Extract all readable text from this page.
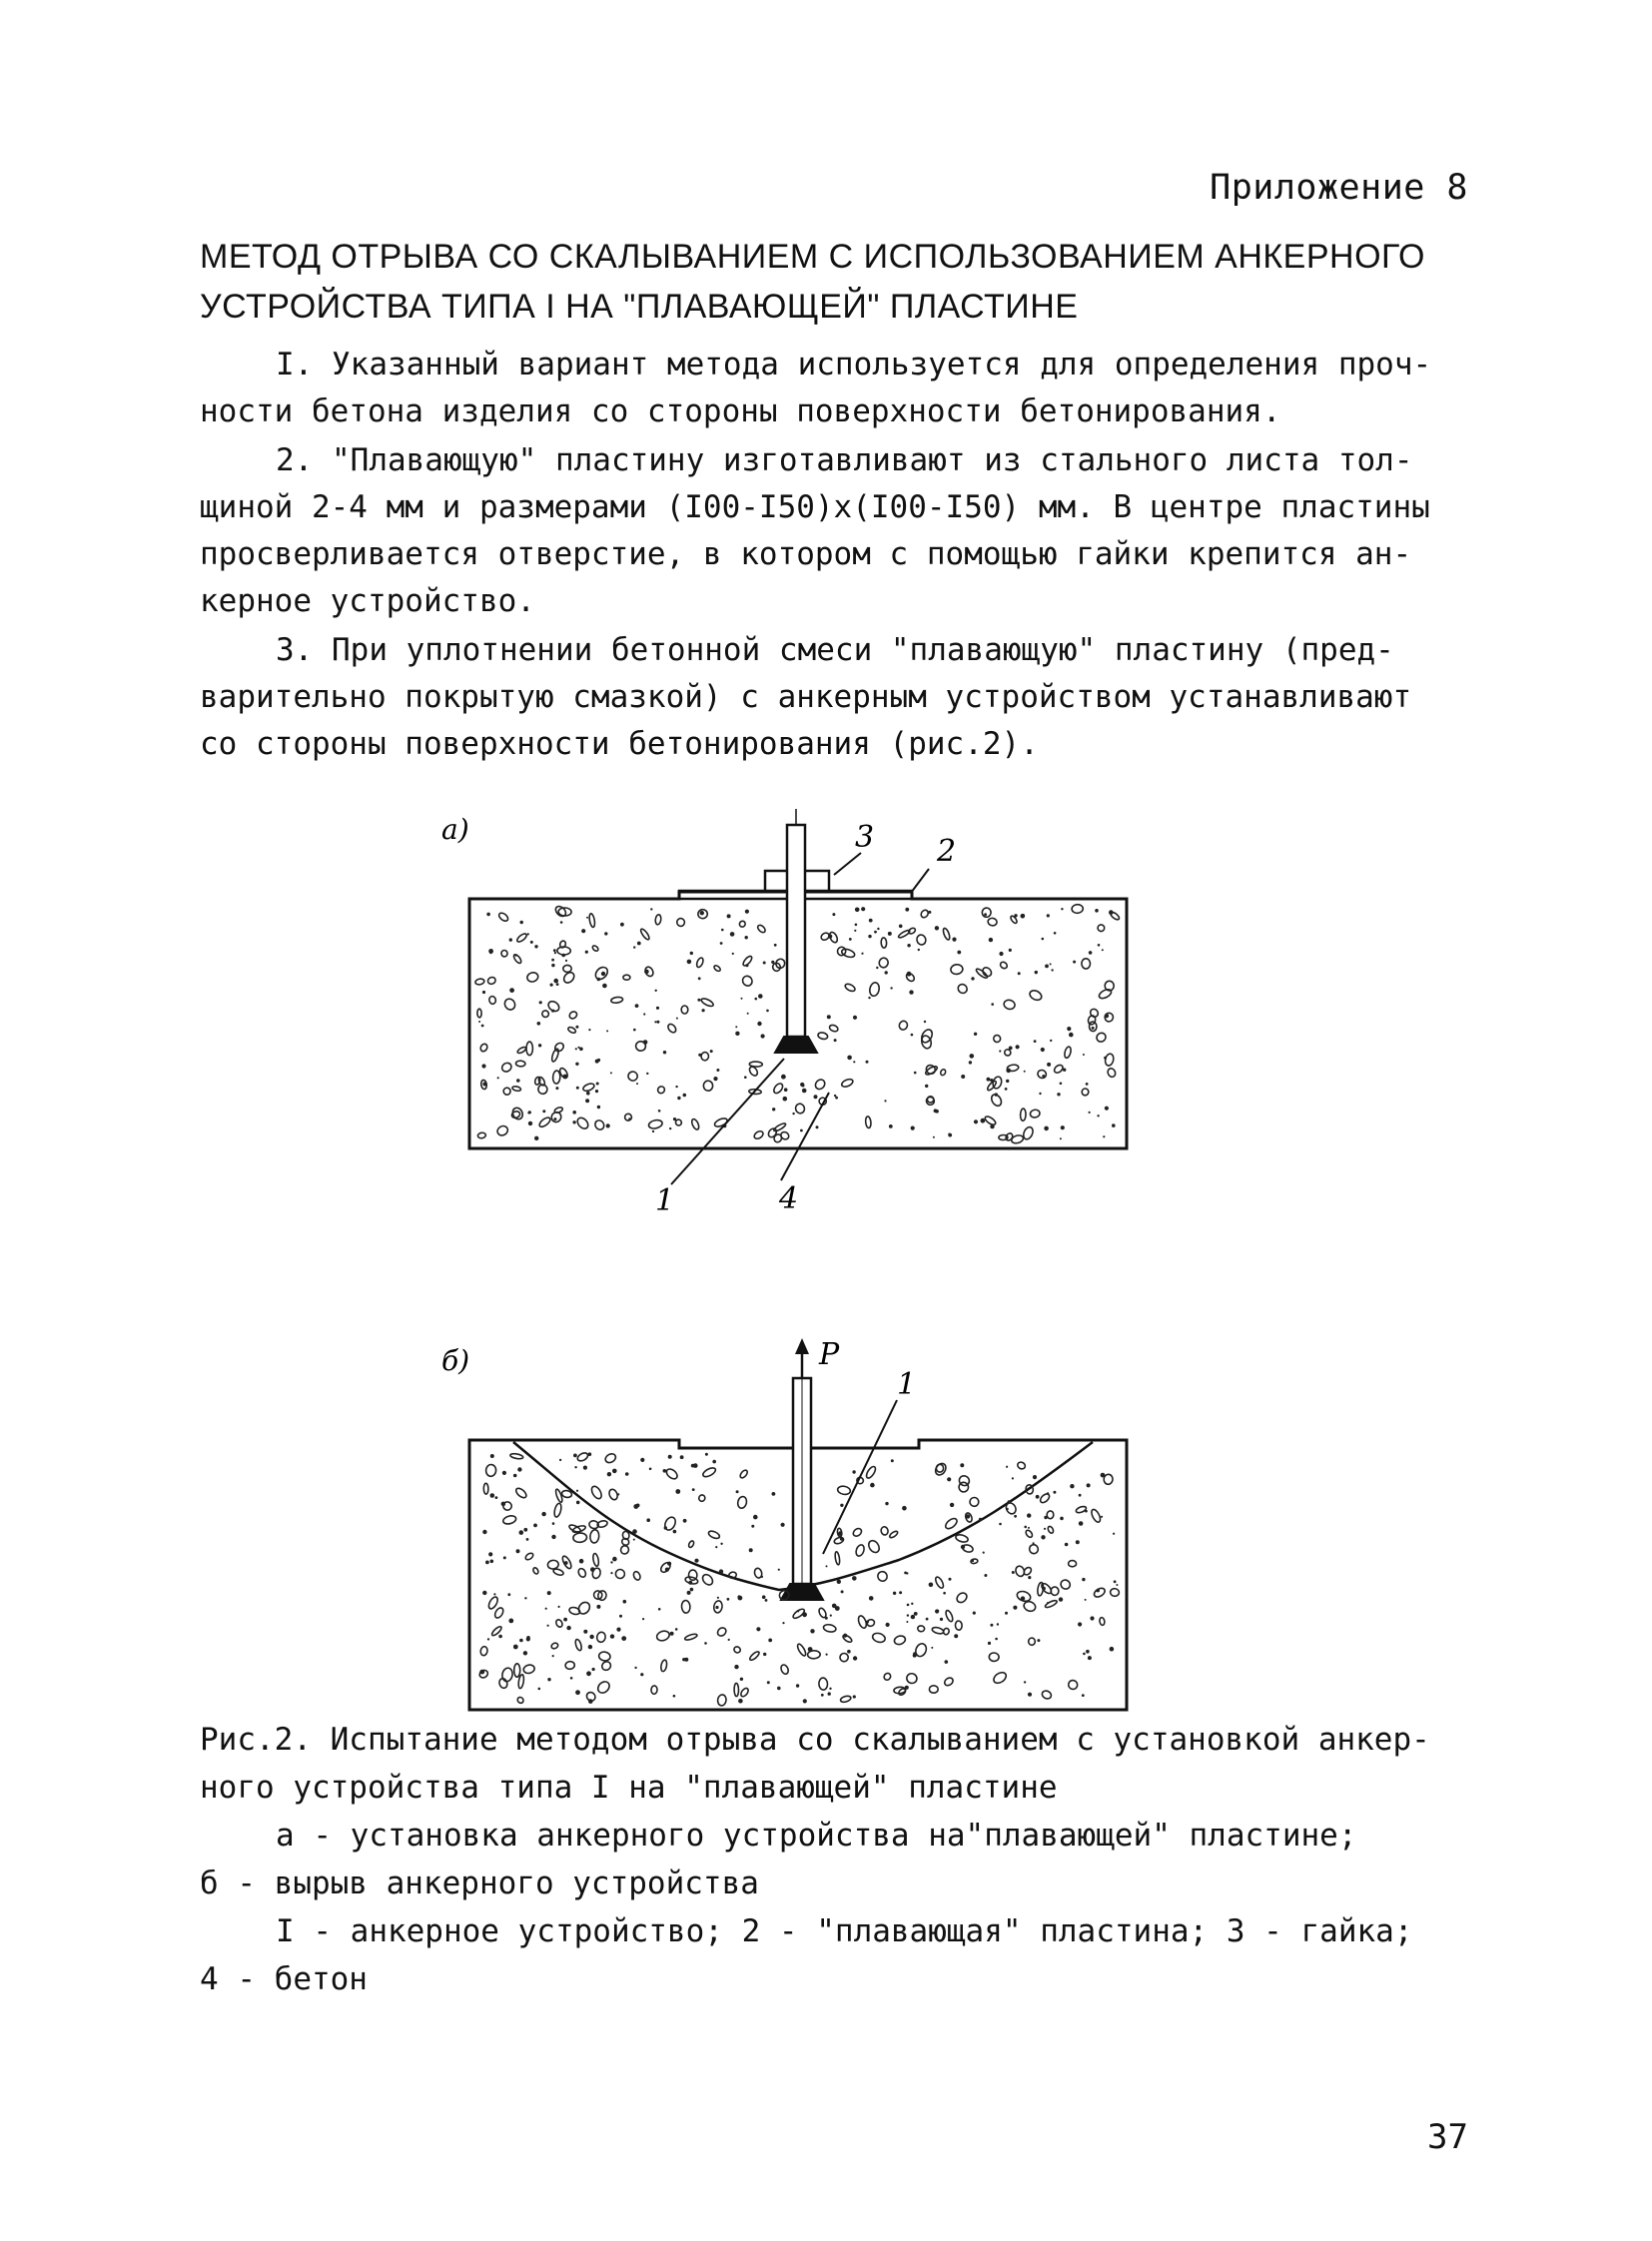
Приложение 8
МЕТОД ОТРЫВА СО СКАЛЫВАНИЕМ С ИСПОЛЬЗОВАНИЕМ АНКЕРНОГО
УСТРОЙСТВА ТИПА I НА "ПЛАВАЮЩЕЙ" ПЛАСТИНЕ

I. Указанный вариант метода используется для определения проч-
ности бетона изделия со стороны поверхности бетонирования.

2. "Плавающую" пластину изготавливают из стального листа тол-
щиной 2-4 мм и размерами (I00-I50)x(I00-I50) мм. В центре пластины
просверливается отверстие, в котором с помощью гайки крепится ан-
керное устройство.

3. При уплотнении бетонной смеси "плавающую" пластину (пред-
варительно покрытую смазкой) с анкерным устройством устанавливают
со стороны поверхности бетонирования (рис.2).

а)	3 2
1	4
б)	P
1
Рис.2. Испытание методом отрыва со скалыванием с установкой анкер-
ного устройства типа I на "плавающей" пластине
а - установка анкерного устройства на"плавающей" пластине;
б - вырыв анкерного устройства
I - анкерное устройство; 2 - "плавающая" пластина; 3 - гайка;
4 - бетон
37
